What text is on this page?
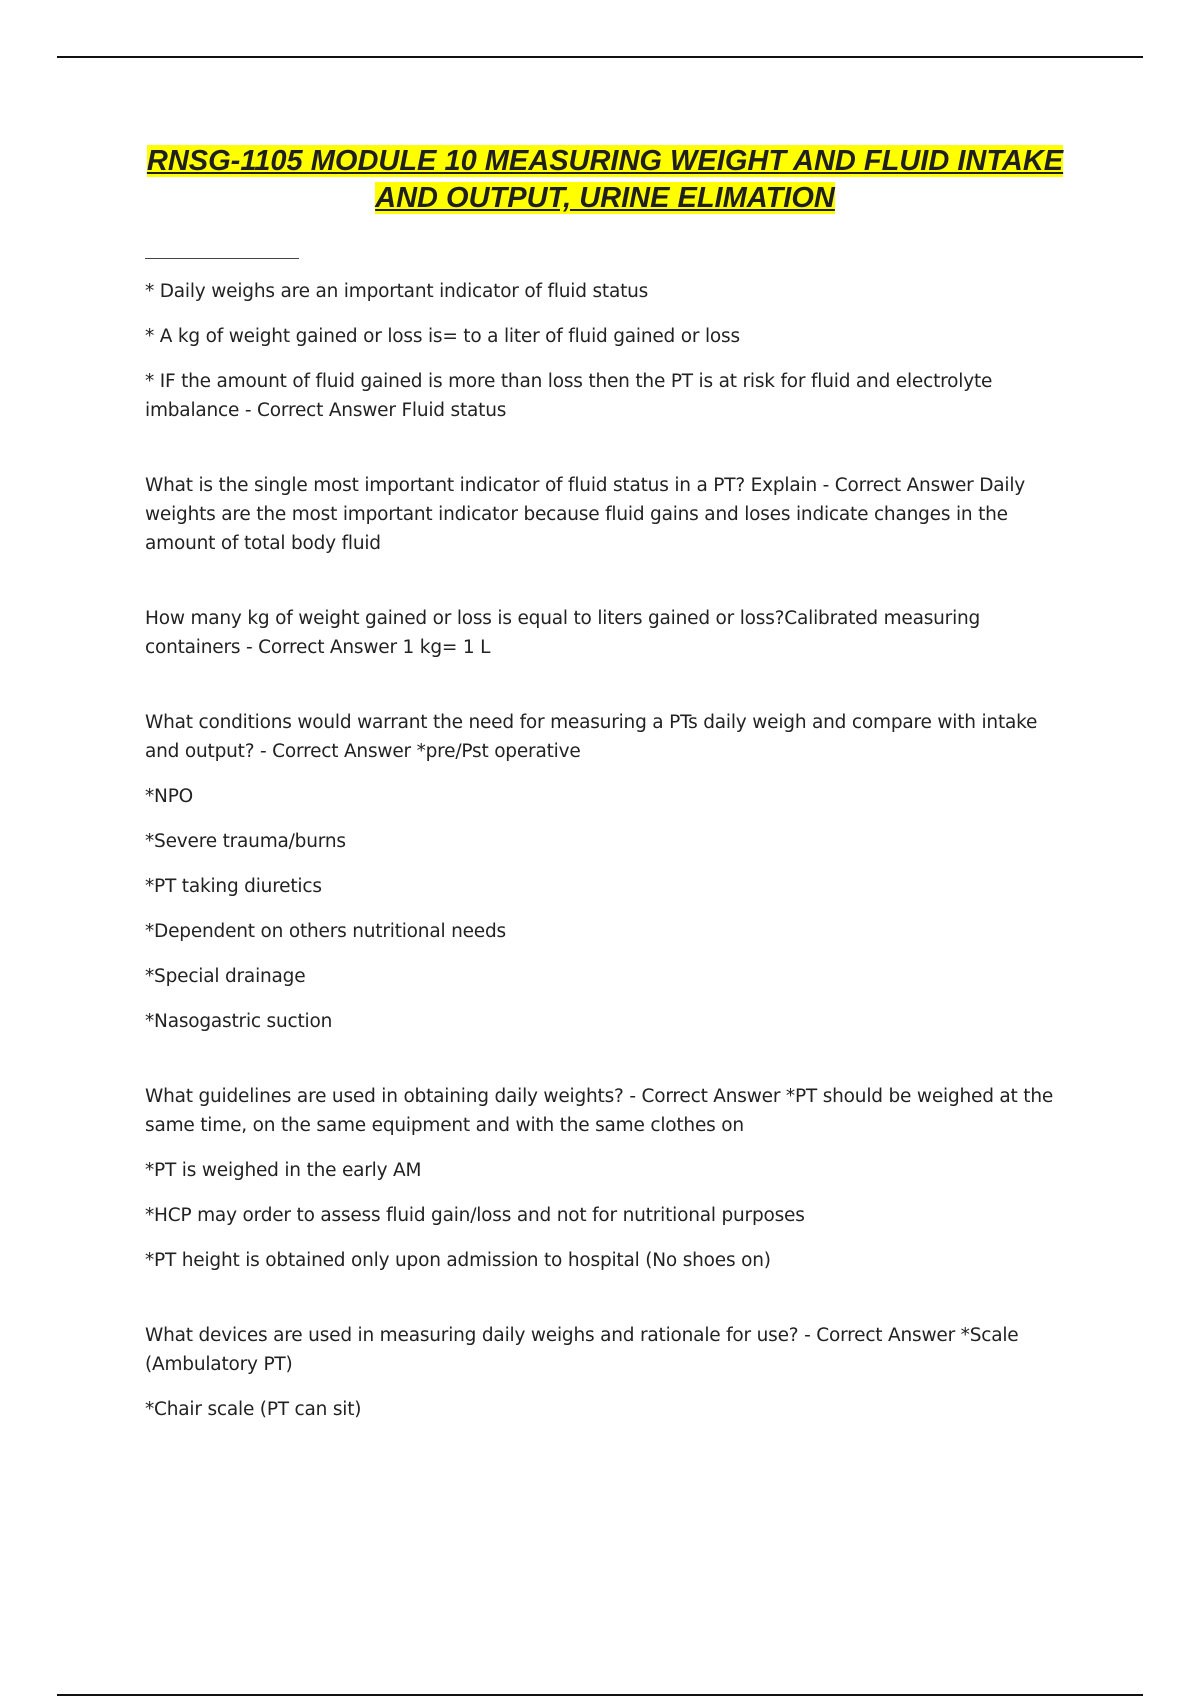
RNSG-1105 MODULE 10 MEASURING WEIGHT AND FLUID INTAKE AND OUTPUT, URINE ELIMATION

* Daily weighs are an important indicator of fluid status

* A kg of weight gained or loss is= to a liter of fluid gained or loss

* IF the amount of fluid gained is more than loss then the PT is at risk for fluid and electrolyte imbalance - Correct Answer Fluid status

What is the single most important indicator of fluid status in a PT? Explain - Correct Answer Daily weights are the most important indicator because fluid gains and loses indicate changes in the amount of total body fluid

How many kg of weight gained or loss is equal to liters gained or loss?Calibrated measuring containers - Correct Answer 1 kg= 1 L

What conditions would warrant the need for measuring a PTs daily weigh and compare with intake and output? - Correct Answer *pre/Pst operative

*NPO

*Severe trauma/burns

*PT taking diuretics

*Dependent on others nutritional needs

*Special drainage

*Nasogastric suction

What guidelines are used in obtaining daily weights? - Correct Answer *PT should be weighed at the same time, on the same equipment and with the same clothes on

*PT is weighed in the early AM

*HCP may order to assess fluid gain/loss and not for nutritional purposes

*PT height is obtained only upon admission to hospital (No shoes on)

What devices are used in measuring daily weighs and rationale for use? - Correct Answer *Scale (Ambulatory PT)

*Chair scale (PT can sit)
